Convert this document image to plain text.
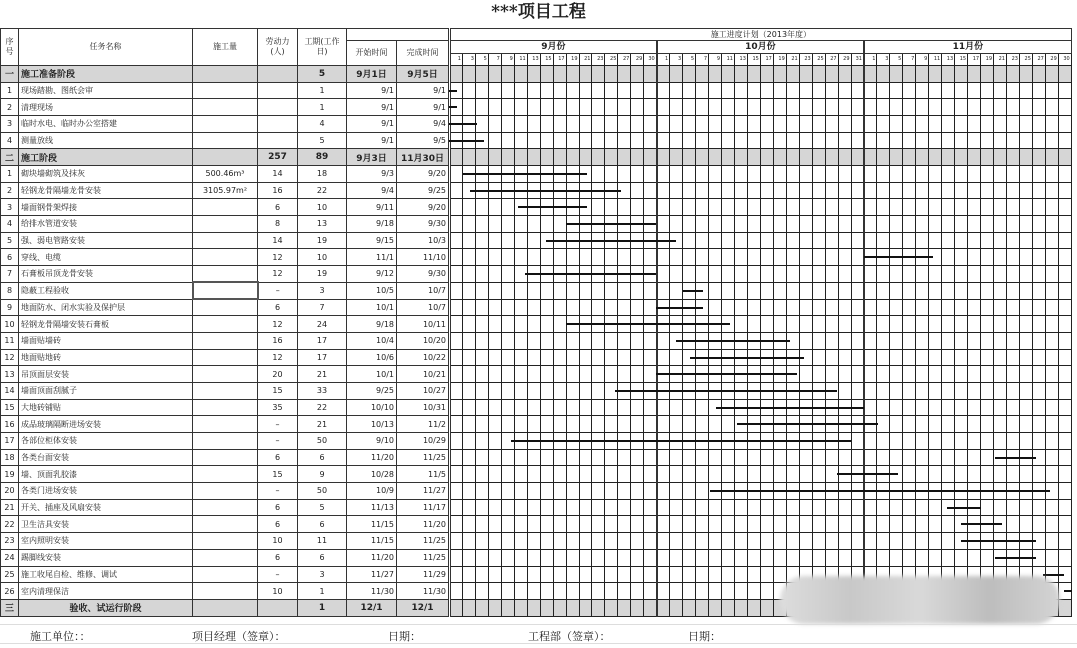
***项目工程
序号	任务名称	施工量	劳动力(人)	工期(工作日)			施工进度计划（2013年度）																																															
					开始时间	完成时间	9月份																10月份																11月份															
							1	3	5	7	9	11	13	15	17	19	21	23	25	27	29	30	1	3	5	7	9	11	13	15	17	19	21	23	25	27	29	31	1	3	5	7	9	11	13	15	17	19	21	23	25	27	29	30
一	施工准备阶段			5	9月1日	9月5日																																																
1	现场踏勘、图纸会审			1	9/1	9/1																																																
2	清理现场			1	9/1	9/1																																																
3	临时水电、临时办公室搭建			4	9/1	9/4																																																
4	测量放线			5	9/1	9/5																																																
二	施工阶段		257	89	9月3日	11月30日																																																
1	砌块墙砌筑及抹灰	500.46m³	14	18	9/3	9/20																																																
2	轻钢龙骨隔墙龙骨安装	3105.97m²	16	22	9/4	9/25																																																
3	墙面钢骨架焊接		6	10	9/11	9/20																																																
4	给排水管道安装		8	13	9/18	9/30																																																
5	强、弱电管路安装		14	19	9/15	10/3																																																
6	穿线、电缆		12	10	11/1	11/10																																																
7	石膏板吊顶龙骨安装		12	19	9/12	9/30																																																
8	隐蔽工程验收		–	3	10/5	10/7																																																
9	地面防水、闭水实验及保护层		6	7	10/1	10/7																																																
10	轻钢龙骨隔墙安装石膏板		12	24	9/18	10/11																																																
11	墙面贴墙砖		16	17	10/4	10/20																																																
12	地面贴地砖		12	17	10/6	10/22																																																
13	吊顶面层安装		20	21	10/1	10/21																																																
14	墙面顶面刮腻子		15	33	9/25	10/27																																																
15	大地砖铺贴		35	22	10/10	10/31																																																
16	成品玻璃隔断进场安装		–	21	10/13	11/2																																																
17	各部位柜体安装		–	50	9/10	10/29																																																
18	各类台面安装		6	6	11/20	11/25																																																
19	墙、顶面乳胶漆		15	9	10/28	11/5																																																
20	各类门进场安装		–	50	10/9	11/27																																																
21	开关、插座及风扇安装		6	5	11/13	11/17																																																
22	卫生洁具安装		6	6	11/15	11/20																																																
23	室内照明安装		10	11	11/15	11/25																																																
24	踢脚线安装		6	6	11/20	11/25																																																
25	施工收尾自检、维修、调试		–	3	11/27	11/29																																																
26	室内清理保洁		10	1	11/30	11/30																																																
三	验收、试运行阶段			1	12/1	12/1																																																
施工单位：：	项目经理（签章）：	日期：	工程部（签章）：	日期：
